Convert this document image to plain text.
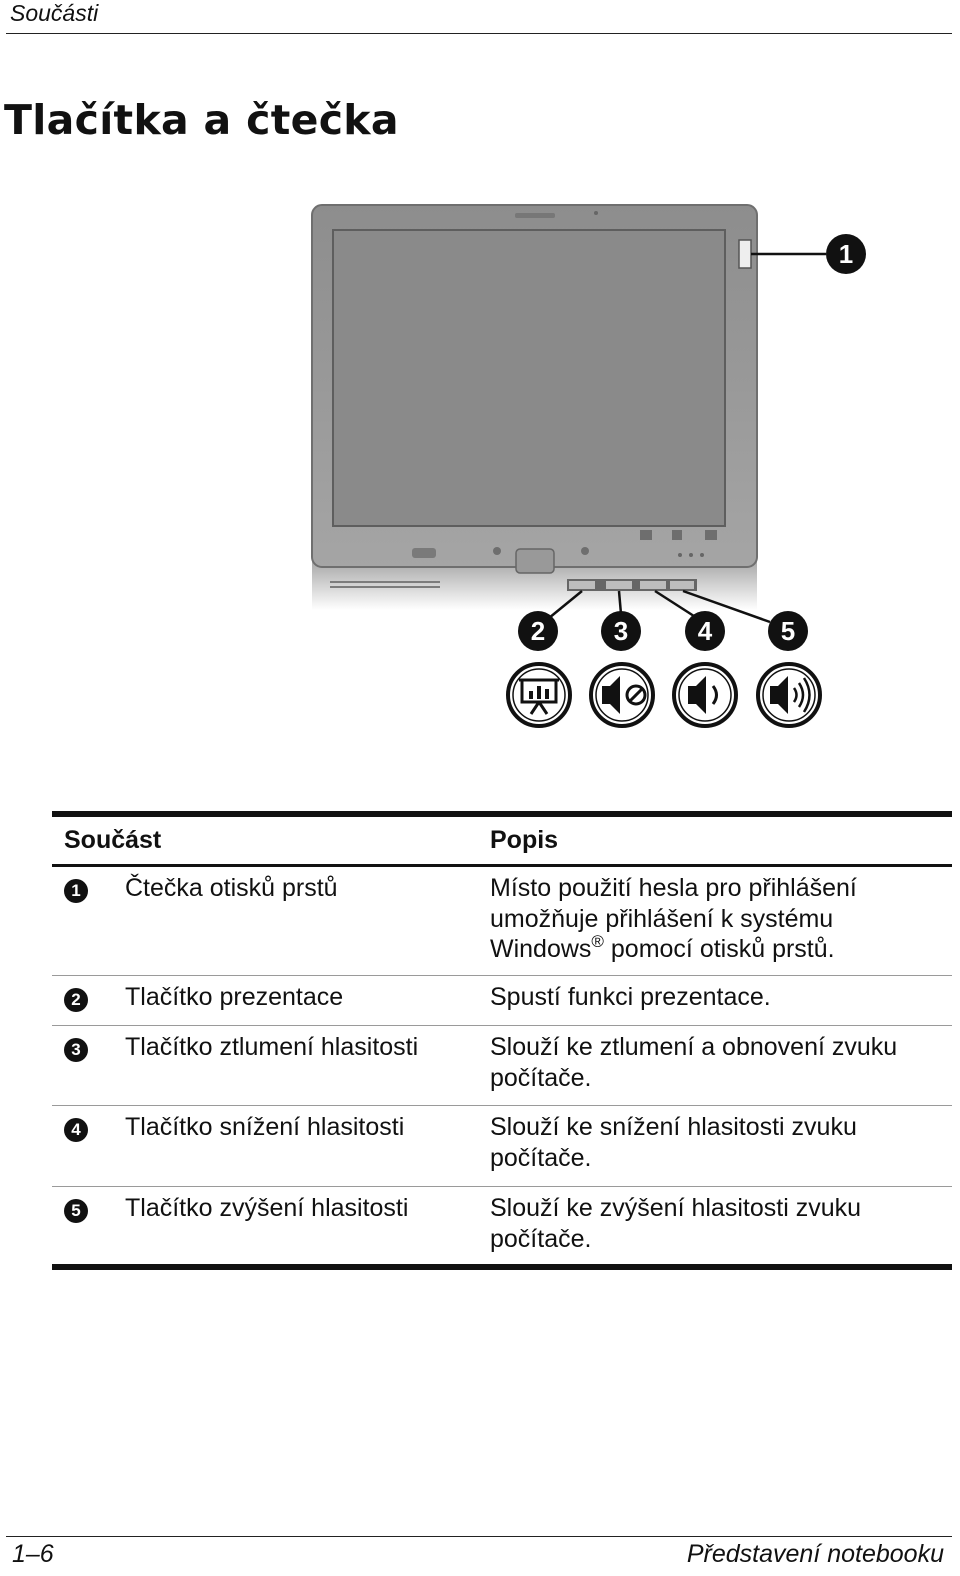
Součásti
Tlačítka a čtečka
1
2	3	4	5
Součást	Popis
1 Čtečka otisků prstů	Místo použití hesla pro přihlášení
umožňuje přihlášení k systému
Windows® pomocí otisků prstů.
2 Tlačítko prezentace	Spustí funkci prezentace.
3 Tlačítko ztlumení hlasitosti	Slouží ke ztlumení a obnovení zvuku
počítače.
4 Tlačítko snížení hlasitosti	Slouží ke snížení hlasitosti zvuku
počítače.
5 Tlačítko zvýšení hlasitosti	Slouží ke zvýšení hlasitosti zvuku
počítače.
1–6	Představení notebooku
